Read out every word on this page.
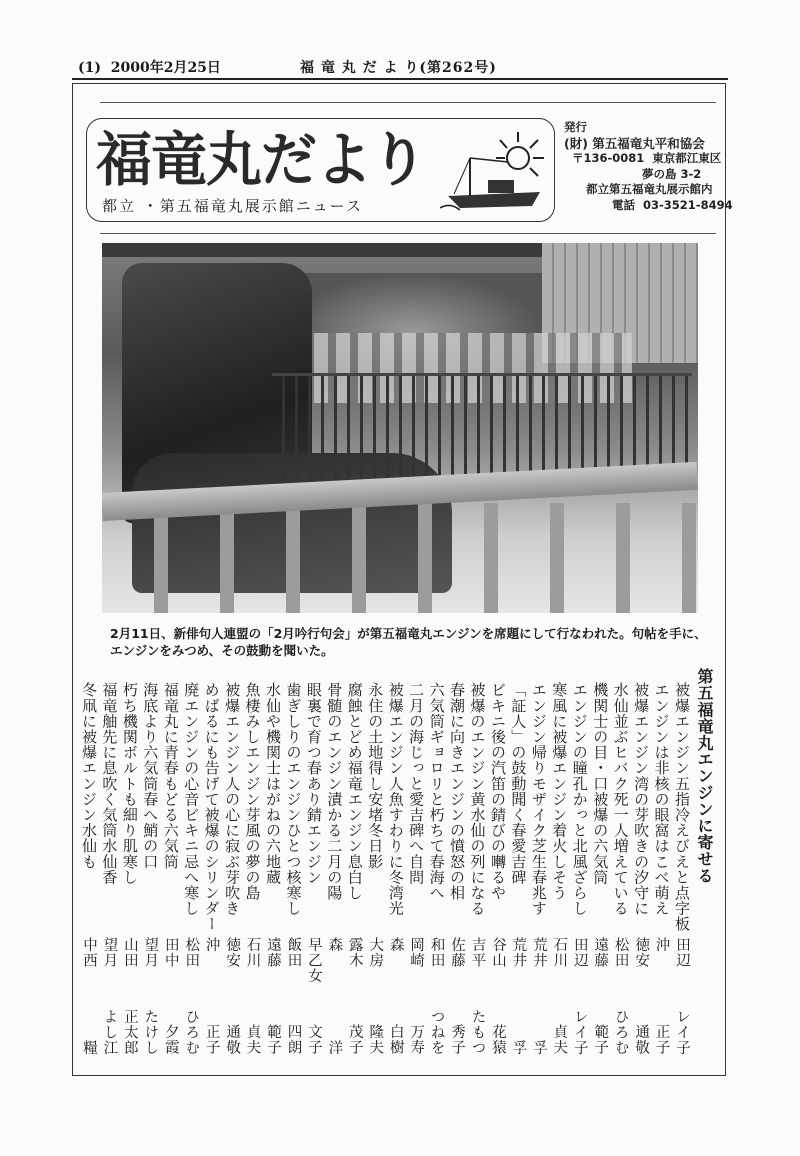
(1)  2000年2月25日	福 竜 丸 だ よ り(第262号)
福竜丸だより
都立 ・第五福竜丸展示館ニュース
発行
(財) 第五福竜丸平和協会
〒136-0081  東京都江東区
夢の島 3-2
都立第五福竜丸展示館内
電話  03-3521-8494
2月11日、新俳句人連盟の「2月吟行句会」が第五福竜丸エンジンを席題にして行なわれた。句帖を手に、エンジンをみつめ、その鼓動を聞いた。
第五福竜丸エンジンに寄せる
被爆エンジン五指冷えびえと点字板
田辺
レイ子
エンジンは非核の眼窩はこべ萌え
沖
正子
被爆エンジン湾の芽吹きの汐守に
徳安
通敬
水仙並ぶヒバク死一人増えている
松田
ひろむ
機関士の目・口被爆の六気筒
遠藤
範子
エンジンの瞳孔かっと北風ざらし
田辺
レイ子
寒風に被爆エンジン着火しそう
石川
貞夫
エンジン帰りモザイク芝生春兆す
荒井
孚
「証人」の鼓動聞く春愛吉碑
荒井
孚
ビキニ後の汽笛の錆びの囀るや
谷山
花猿
被爆のエンジン黄水仙の列になる
吉平
たもつ
春潮に向きエンジンの憤怒の相
佐藤
秀子
六気筒ギョロリと朽ちて春海へ
和田
つねを
二月の海じっと愛吉碑へ自問
岡崎
万寿
被爆エンジン人魚すわりに冬湾光
森
白樹
永住の土地得し安堵冬日影
大房
隆夫
腐蝕とどめ福竜エンジン息白し
露木
茂子
骨髄のエンジン漬かる二月の陽
森
洋
眼裏で育つ春あり錆エンジン
早乙女
文子
歯ぎしりのエンジンひとつ核寒し
飯田
四朗
水仙や機関士はがねの六地蔵
遠藤
範子
魚棲みしエンジン芽風の夢の島
石川
貞夫
被爆エンジン人の心に寂ぶ芽吹き
徳安
通敬
めばるにも告げて被爆のシリンダー
沖
正子
廃エンジンの心音ビキニ忌へ寒し
松田
ひろむ
福竜丸に青春もどる六気筒
田中
夕霞
海底より六気筒春へ鮹の口
望月
たけし
朽ち機関ボルトも細り肌寒し
山田
正太郎
福竜舳先に息吹く気筒水仙香
望月
よし江
冬凧に被爆エンジン水仙も
中西
糧
